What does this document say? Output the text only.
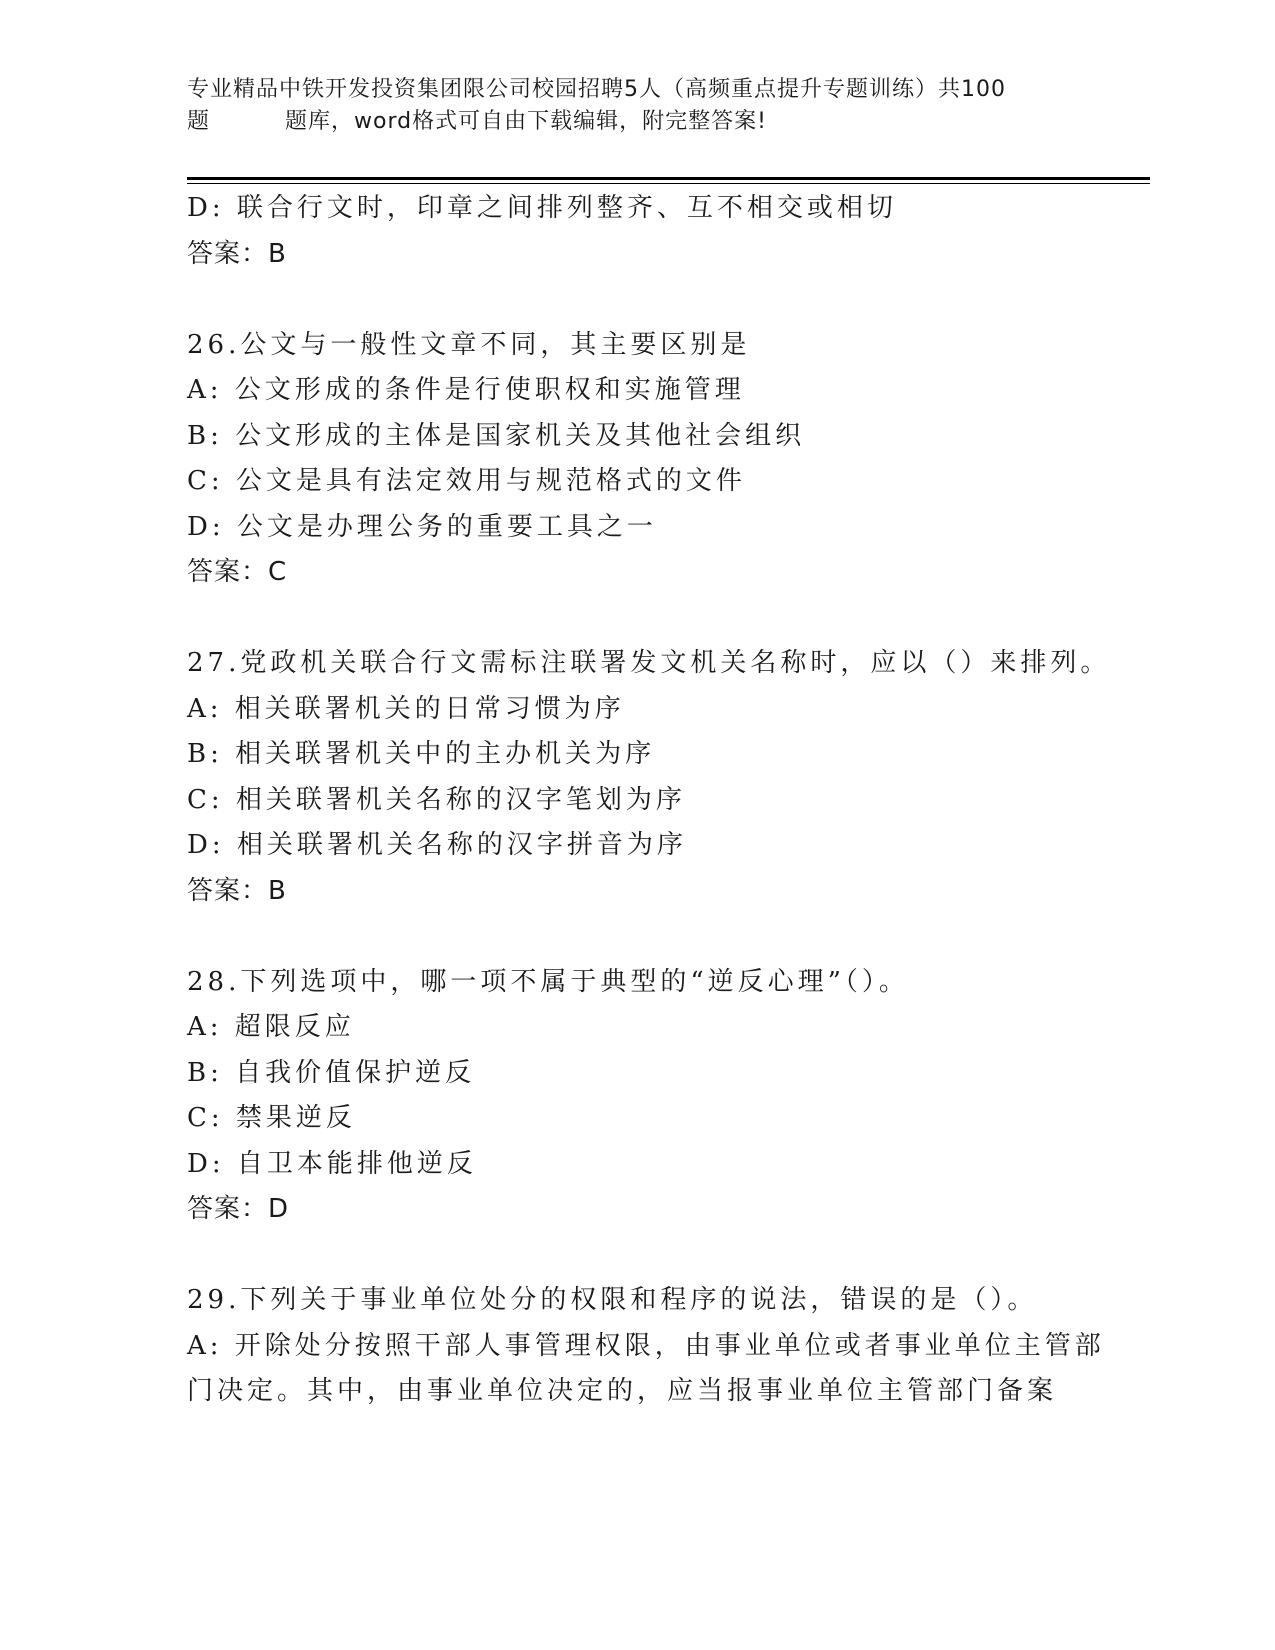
专业精品中铁开发投资集团限公司校园招聘5人（高频重点提升专题训练）共100
题	题库，word格式可自由下载编辑，附完整答案!
D: 联合行文时，印章之间排列整齐、互不相交或相切
答案：B
26.公文与一般性文章不同，其主要区别是
A: 公文形成的条件是行使职权和实施管理
B: 公文形成的主体是国家机关及其他社会组织
C: 公文是具有法定效用与规范格式的文件
D: 公文是办理公务的重要工具之一
答案：C
27.党政机关联合行文需标注联署发文机关名称时，应以（）来排列。
A: 相关联署机关的日常习惯为序
B: 相关联署机关中的主办机关为序
C: 相关联署机关名称的汉字笔划为序
D: 相关联署机关名称的汉字拼音为序
答案：B
28.下列选项中，哪一项不属于典型的“逆反心理”（）。
A: 超限反应
B: 自我价值保护逆反
C: 禁果逆反
D: 自卫本能排他逆反
答案：D
29.下列关于事业单位处分的权限和程序的说法，错误的是（）。
A: 开除处分按照干部人事管理权限，由事业单位或者事业单位主管部
门决定。其中，由事业单位决定的，应当报事业单位主管部门备案
